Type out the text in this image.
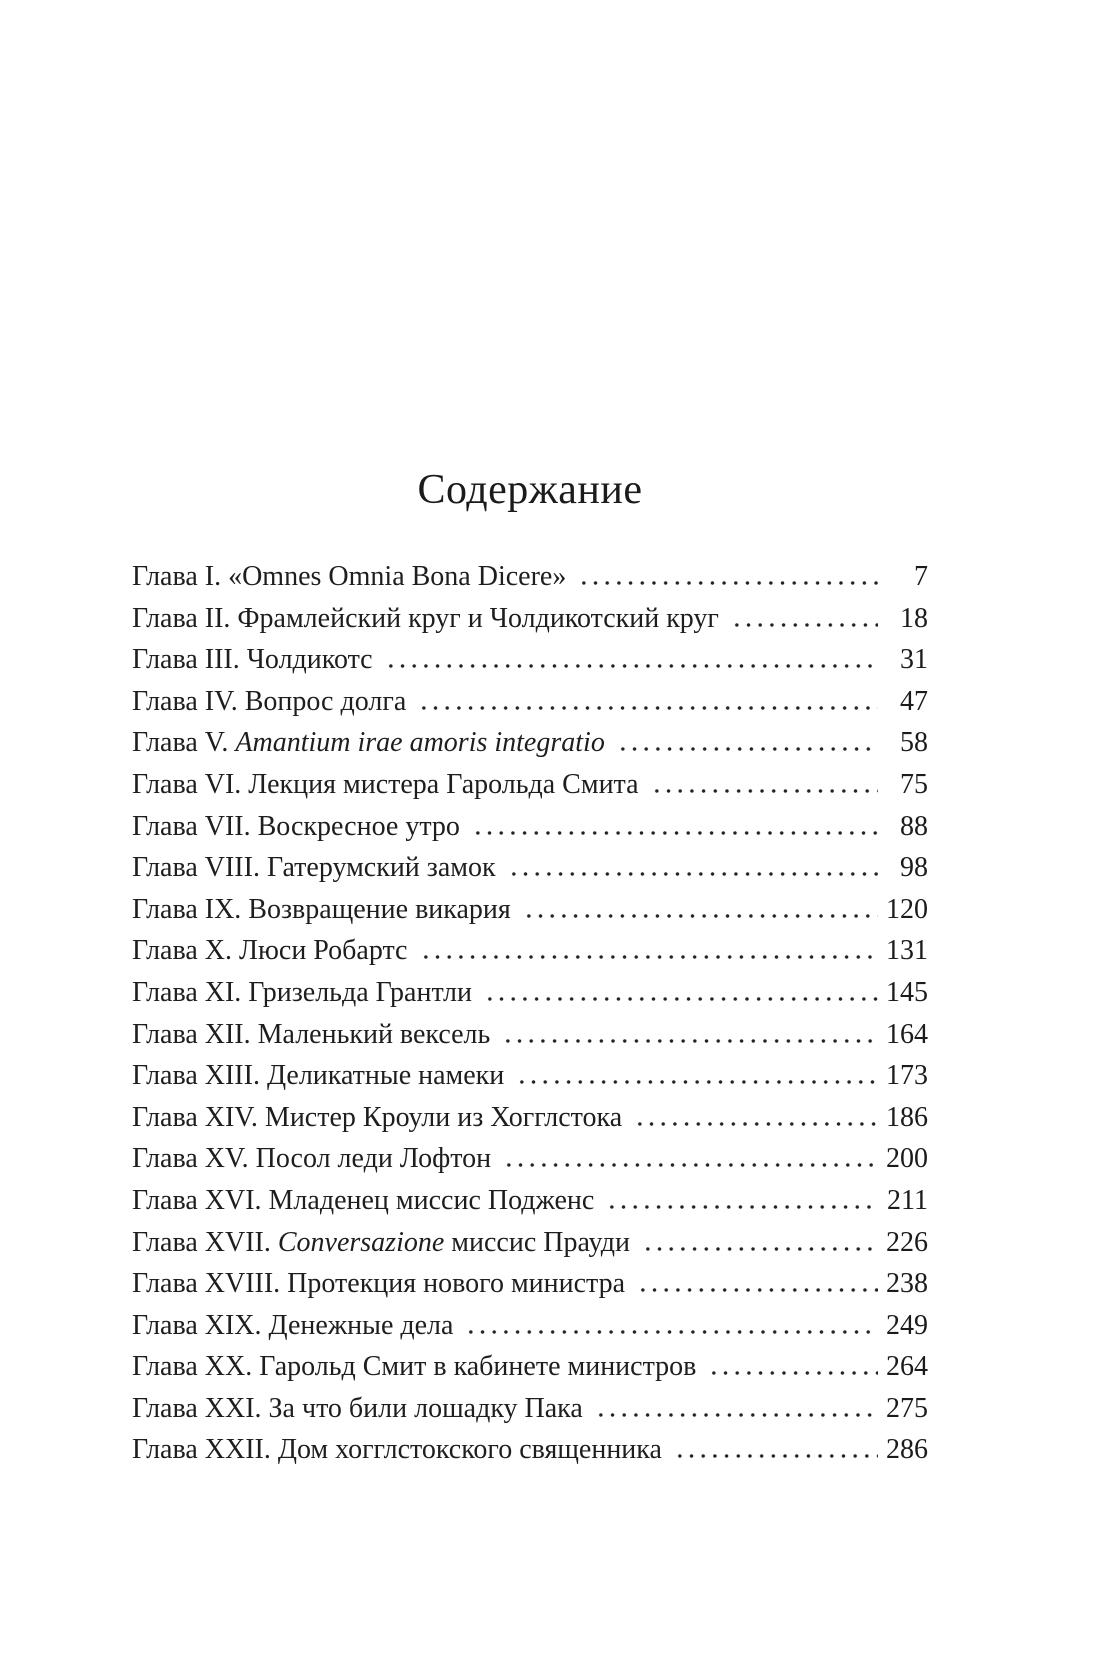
Содержание
Глава I. «Omnes Omnia Bona Dicere»	7
Глава II. Фрамлейский круг и Чолдикотский круг	18
Глава III. Чолдикотс	31
Глава IV. Вопрос долга	47
Глава V. Amantium irae amoris integratio	58
Глава VI. Лекция мистера Гарольда Смита	75
Глава VII. Воскресное утро	88
Глава VIII. Гатерумский замок	98
Глава IX. Возвращение викария	120
Глава X. Люси Робартс	131
Глава XI. Гризельда Грантли	145
Глава XII. Маленький вексель	164
Глава XIII. Деликатные намеки	173
Глава XIV. Мистер Кроули из Хогглстока	186
Глава XV. Посол леди Лофтон	200
Глава XVI. Младенец миссис Подженс	211
Глава XVII. Conversazione миссис Прауди	226
Глава XVIII. Протекция нового министра	238
Глава XIX. Денежные дела	249
Глава XX. Гарольд Смит в кабинете министров	264
Глава XXI. За что били лошадку Пака	275
Глава XXII. Дом хогглстокского священника	286
